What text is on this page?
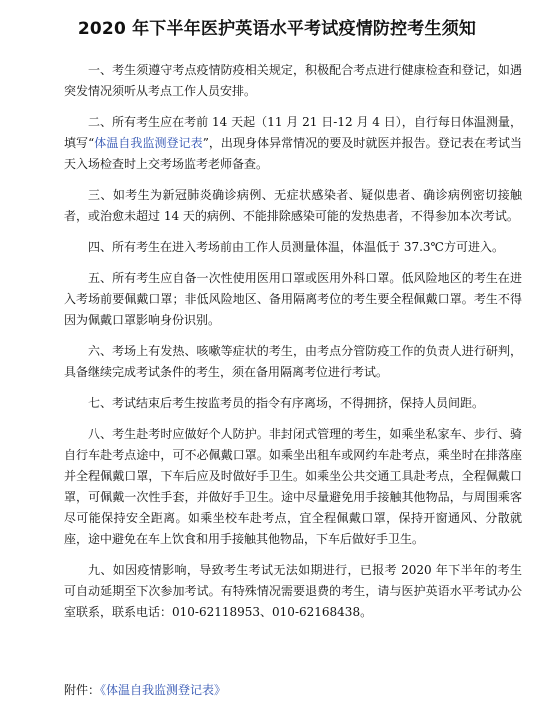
2020 年下半年医护英语水平考试疫情防控考生须知

一、考生须遵守考点疫情防疫相关规定，积极配合考点进行健康检查和登记，如遇突发情况须听从考点工作人员安排。

二、所有考生应在考前 14 天起（11 月 21 日-12 月 4 日），自行每日体温测量，填写“体温自我监测登记表”，出现身体异常情况的要及时就医并报告。登记表在考试当天入场检查时上交考场监考老师备查。

三、如考生为新冠肺炎确诊病例、无症状感染者、疑似患者、确诊病例密切接触者，或治愈未超过 14 天的病例、不能排除感染可能的发热患者，不得参加本次考试。

四、所有考生在进入考场前由工作人员测量体温，体温低于 37.3℃方可进入。

五、所有考生应自备一次性使用医用口罩或医用外科口罩。低风险地区的考生在进入考场前要佩戴口罩；非低风险地区、备用隔离考位的考生要全程佩戴口罩。考生不得因为佩戴口罩影响身份识别。

六、考场上有发热、咳嗽等症状的考生，由考点分管防疫工作的负责人进行研判，具备继续完成考试条件的考生，须在备用隔离考位进行考试。

七、考试结束后考生按监考员的指令有序离场，不得拥挤，保持人员间距。

八、考生赴考时应做好个人防护。非封闭式管理的考生，如乘坐私家车、步行、骑自行车赴考点途中，可不必佩戴口罩。如乘坐出租车或网约车赴考点，乘坐时在排落座并全程佩戴口罩，下车后应及时做好手卫生。如乘坐公共交通工具赴考点，全程佩戴口罩，可佩戴一次性手套，并做好手卫生。途中尽量避免用手接触其他物品，与周围乘客尽可能保持安全距离。如乘坐校车赴考点，宜全程佩戴口罩，保持开窗通风、分散就座，途中避免在车上饮食和用手接触其他物品，下车后做好手卫生。

九、如因疫情影响，导致考生考试无法如期进行，已报考 2020 年下半年的考生可自动延期至下次参加考试。有特殊情况需要退费的考生，请与医护英语水平考试办公室联系，联系电话：010-62118953、010-62168438。

附件：《体温自我监测登记表》
